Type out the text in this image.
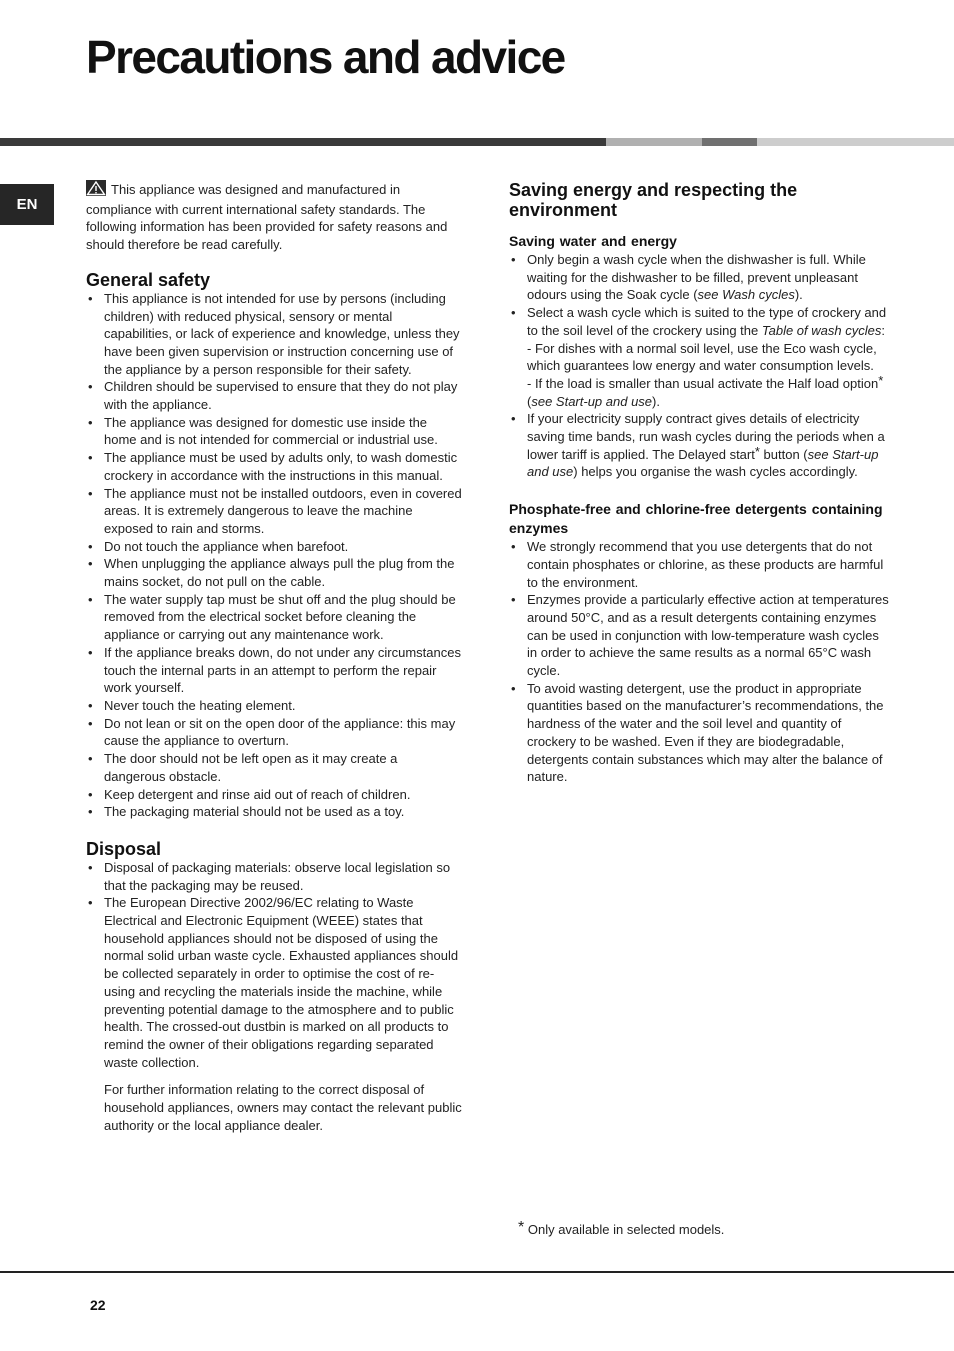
Precautions and advice
EN

This appliance was designed and manufactured in compliance with current international safety standards. The following information has been provided for safety reasons and should therefore be read carefully.

General safety
• This appliance is not intended for use by persons (including children) with reduced physical, sensory or mental capabilities, or lack of experience and knowledge, unless they have been given supervision or instruction concerning use of the appliance by a person responsible for their safety.
• Children should be supervised to ensure that they do not play with the appliance.
• The appliance was designed for domestic use inside the home and is not intended for commercial or industrial use.
• The appliance must be used by adults only, to wash domestic crockery in accordance with the instructions in this manual.
• The appliance must not be installed outdoors, even in covered areas. It is extremely dangerous to leave the machine exposed to rain and storms.
• Do not touch the appliance when barefoot.
• When unplugging the appliance always pull the plug from the mains socket, do not pull on the cable.
• The water supply tap must be shut off and the plug should be removed from the electrical socket before cleaning the appliance or carrying out any maintenance work.
• If the appliance breaks down, do not under any circumstances touch the internal parts in an attempt to perform the repair work yourself.
• Never touch the heating element.
• Do not lean or sit on the open door of the appliance: this may cause the appliance to overturn.
• The door should not be left open as it may create a dangerous obstacle.
• Keep detergent and rinse aid out of reach of children.
• The packaging material should not be used as a toy.
Disposal
• Disposal of packaging materials: observe local legislation so that the packaging may be reused.
• The European Directive 2002/96/EC relating to Waste Electrical and Electronic Equipment (WEEE) states that household appliances should not be disposed of using the normal solid urban waste cycle. Exhausted appliances should be collected separately in order to optimise the cost of re-using and recycling the materials inside the machine, while preventing potential damage to the atmosphere and to public health. The crossed-out dustbin is marked on all products to remind the owner of their obligations regarding separated waste collection.

For further information relating to the correct disposal of household appliances, owners may contact the relevant public authority or the local appliance dealer.

Saving energy and respecting the environment
Saving water and energy
• Only begin a wash cycle when the dishwasher is full. While waiting for the dishwasher to be filled, prevent unpleasant odours using the Soak cycle (see Wash cycles).
• Select a wash cycle which is suited to the type of crockery and to the soil level of the crockery using the Table of wash cycles:

- For dishes with a normal soil level, use the Eco wash cycle, which guarantees low energy and water consumption levels.

- If the load is smaller than usual activate the Half load option* (see Start-up and use).

• If your electricity supply contract gives details of electricity saving time bands, run wash cycles during the periods when a lower tariff is applied. The Delayed start* button (see Start-up and use) helps you organise the wash cycles accordingly.
Phosphate-free and chlorine-free detergents containing enzymes
• We strongly recommend that you use detergents that do not contain phosphates or chlorine, as these products are harmful to the environment.
• Enzymes provide a particularly effective action at temperatures around 50°C, and as a result detergents containing enzymes can be used in conjunction with low-temperature wash cycles in order to achieve the same results as a normal 65°C wash cycle.
• To avoid wasting detergent, use the product in appropriate quantities based on the manufacturer’s recommendations, the hardness of the water and the soil level and quantity of crockery to be washed. Even if they are biodegradable, detergents contain substances which may alter the balance of nature.
* Only available in selected models.
22
